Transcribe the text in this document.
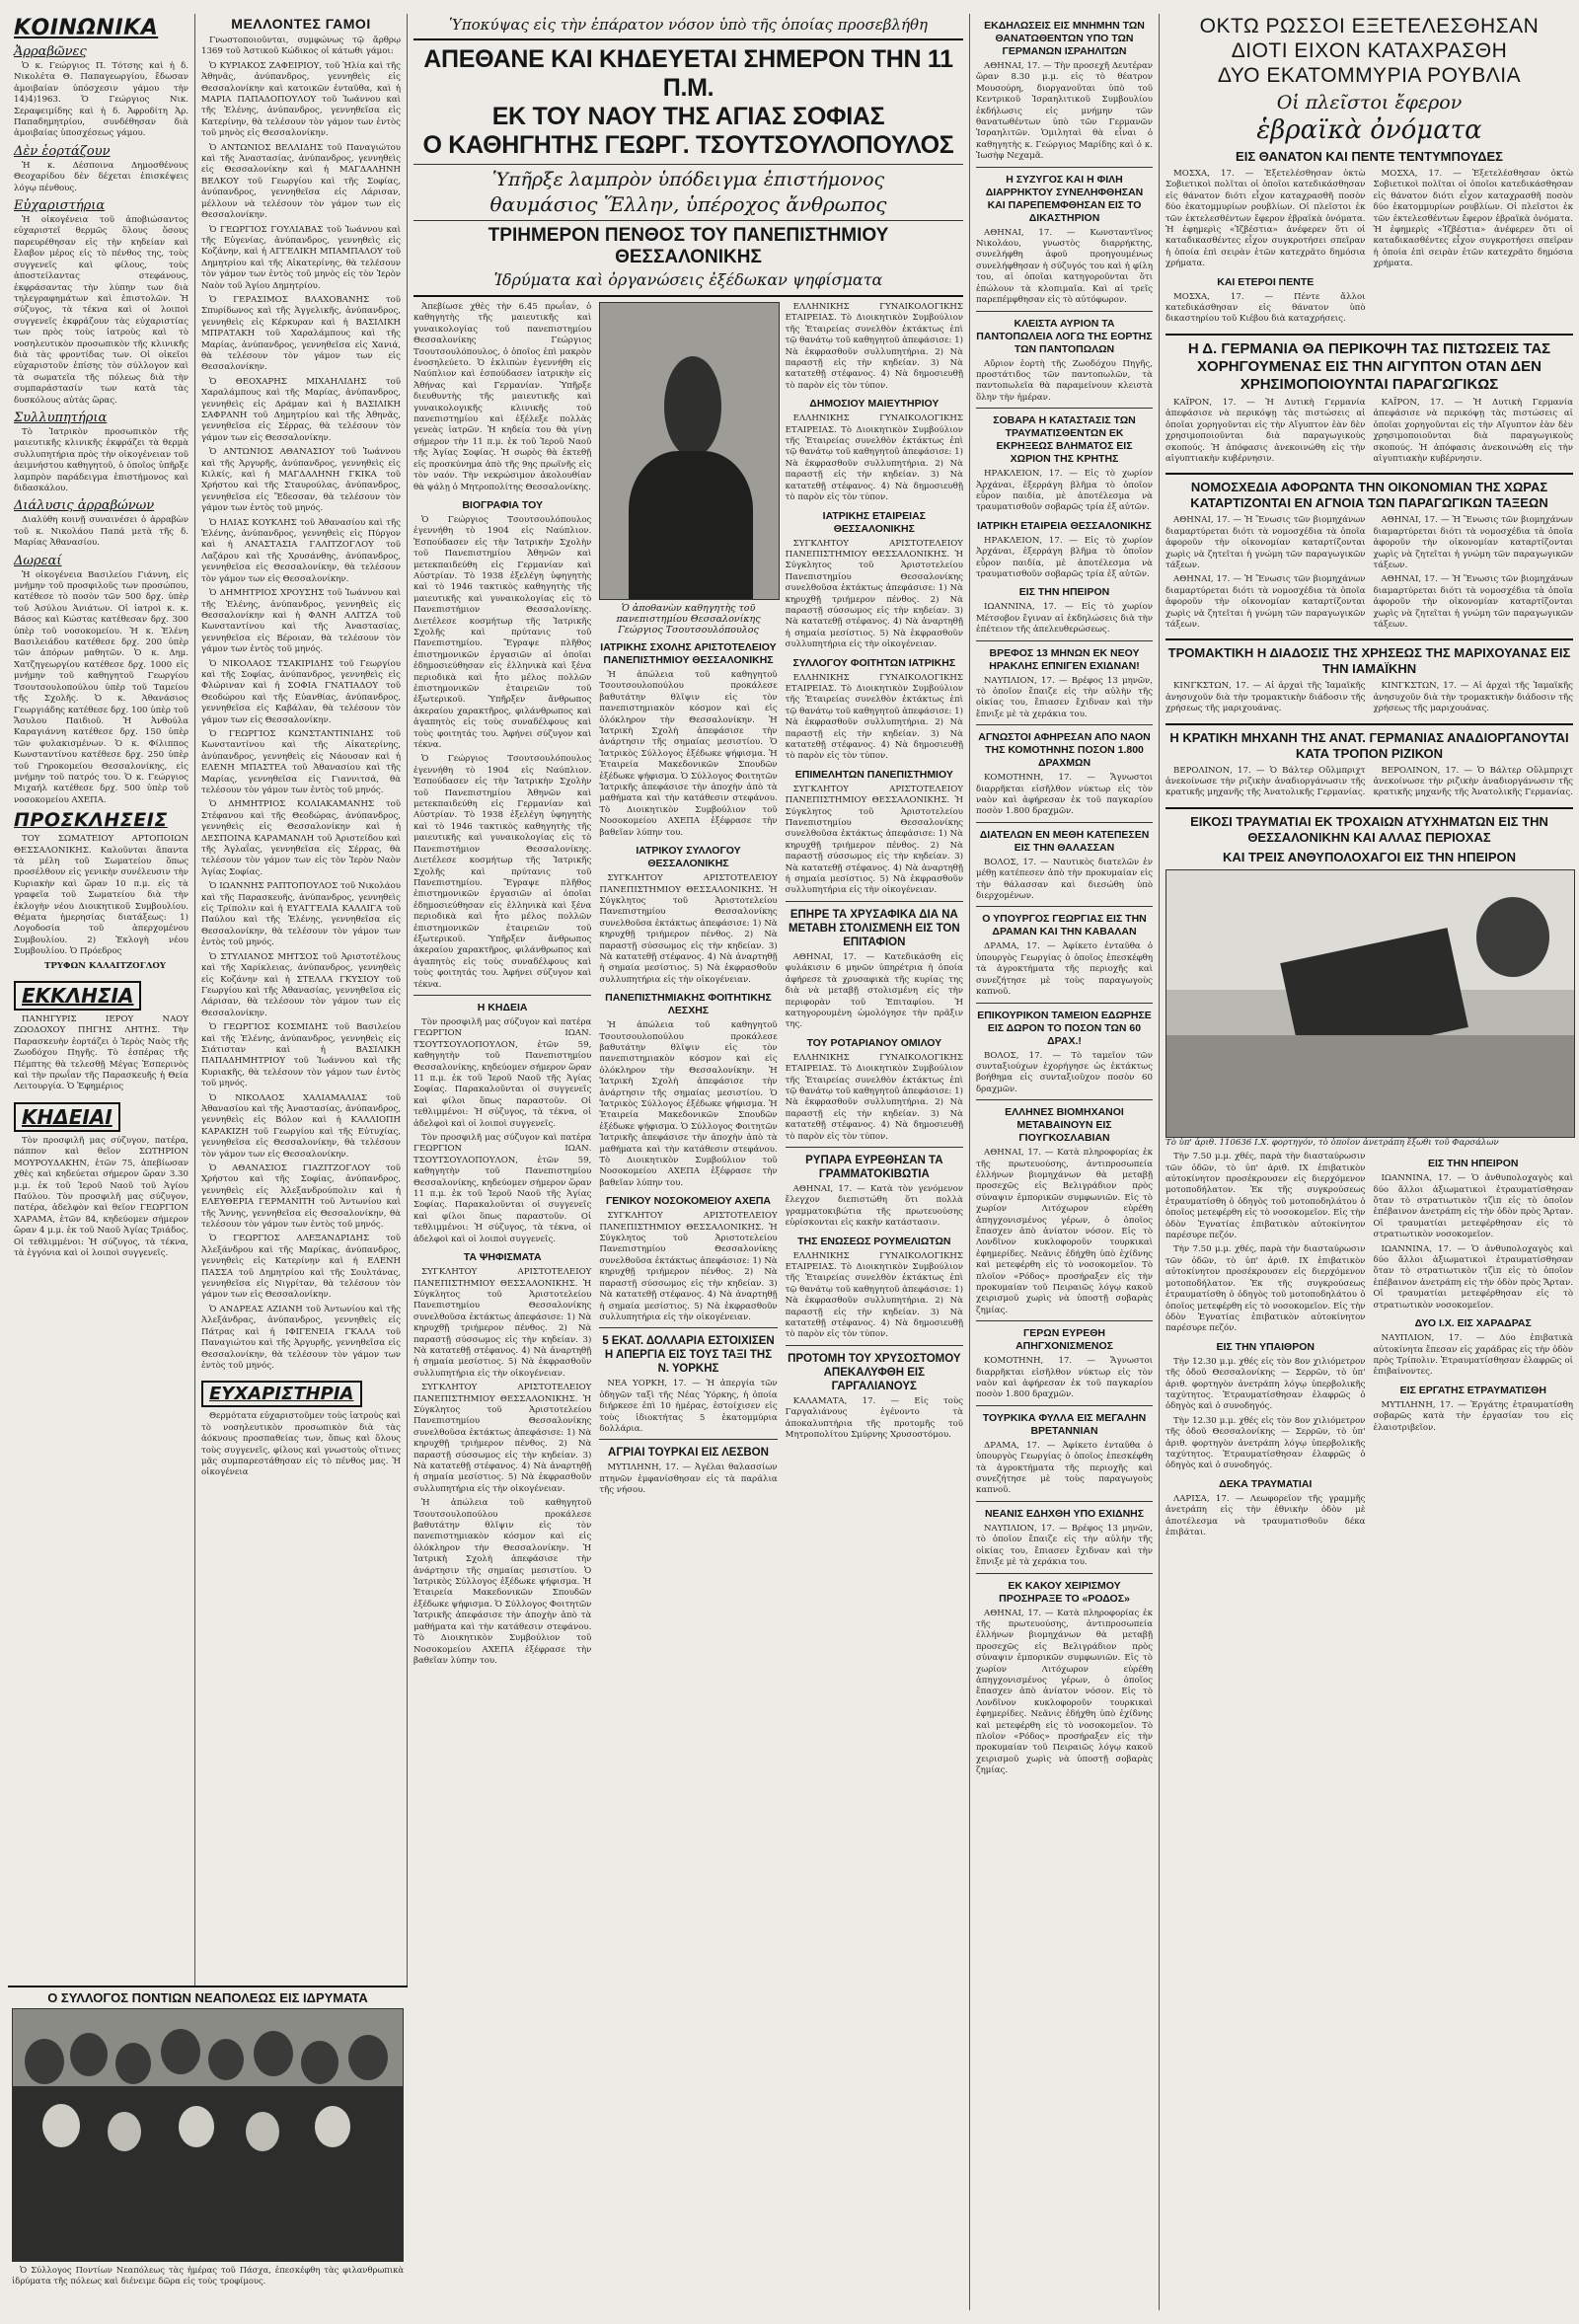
ΚΟΙΝΩΝΙΚΑ
Ἀρραβῶνες

Ὁ κ. Γεώργιος Π. Τότσης καὶ ἡ δ. Νικολέτα Θ. Παπαγεωργίου, ἔδωσαν ἀμοιβαίαν ὑπόσχεσιν γάμου τὴν 14)4)1963. Ὁ Γεώργιος Νικ. Σεραφειμίδης καὶ ἡ δ. Ἀφροδίτη Ἀρ. Παπαδημητρίου, συνδέθησαν διὰ ἀμοιβαίας ὑποσχέσεως γάμου.

Δὲν ἑορτάζουν

Ἡ κ. Δέσποινα Δημοσθένους Θεοχαρίδου δὲν δέχεται ἐπισκέψεις λόγῳ πένθους.

Εὐχαριστήρια

Ἡ οἰκογένεια τοῦ ἀποβιώσαντος εὐχαριστεῖ θερμῶς ὅλους ὅσους παρευρέθησαν εἰς τὴν κηδείαν καὶ ἔλαβον μέρος εἰς τὸ πένθος της, τοὺς συγγενεῖς καὶ φίλους, τοὺς ἀποστείλαντας στεφάνους, ἐκφράσαντας τὴν λύπην των διὰ τηλεγραφημάτων καὶ ἐπιστολῶν. Ἡ σύζυγος, τὰ τέκνα καὶ οἱ λοιποὶ συγγενεῖς ἐκφράζουν τὰς εὐχαριστίας των πρὸς τοὺς ἰατροὺς καὶ τὸ νοσηλευτικὸν προσωπικὸν τῆς κλινικῆς διὰ τὰς φροντίδας των. Οἱ οἰκεῖοι εὐχαριστοῦν ἐπίσης τὸν σύλλογον καὶ τὰ σωματεῖα τῆς πόλεως διὰ τὴν συμπαράστασίν των κατὰ τὰς δυσκόλους αὐτὰς ὥρας.

Συλλυπητήρια

Τὸ Ἰατρικὸν προσωπικὸν τῆς μαιευτικῆς κλινικῆς ἐκφράζει τὰ θερμὰ συλλυπητήρια πρὸς τὴν οἰκογένειαν τοῦ ἀειμνήστου καθηγητοῦ, ὁ ὁποῖος ὑπῆρξε λαμπρὸν παράδειγμα ἐπιστήμονος καὶ διδασκάλου.

Διάλυσις ἀρραβώνων

Διαλύθη κοινῇ συναινέσει ὁ ἀρραβὼν τοῦ κ. Νικολάου Παπά μετὰ τῆς δ. Μαρίας Ἀθανασίου.

Δωρεαί

Ἡ οἰκογένεια Βασιλείου Γιάννη, εἰς μνήμην τοῦ προσφιλοῦς των προσώπου, κατέθεσε τὸ ποσὸν τῶν 500 δρχ. ὑπὲρ τοῦ Ἀσύλου Ἀνιάτων. Οἱ ἰατροὶ κ. κ. Βάσος καὶ Κώστας κατέθεσαν δρχ. 300 ὑπὲρ τοῦ νοσοκομείου. Ἡ κ. Ἑλένη Βασιλειάδου κατέθεσε δρχ. 200 ὑπὲρ τῶν ἀπόρων μαθητῶν. Ὁ κ. Δημ. Χατζηγεωργίου κατέθεσε δρχ. 1000 εἰς μνήμην τοῦ καθηγητοῦ Γεωργίου Τσουτσουλοπούλου ὑπὲρ τοῦ Ταμείου τῆς Σχολῆς. Ὁ κ. Ἀθανάσιος Γεωργιάδης κατέθεσε δρχ. 100 ὑπὲρ τοῦ Ἄσυλου Παιδιοῦ. Ἡ Ἀνθούλα Καραγιάννη κατέθεσε δρχ. 150 ὑπὲρ τῶν φυλακισμένων. Ὁ κ. Φίλιππος Κωνσταντίνου κατέθεσε δρχ. 250 ὑπὲρ τοῦ Γηροκομείου Θεσσαλονίκης, εἰς μνήμην τοῦ πατρός του. Ὁ κ. Γεώργιος Μιχαήλ κατέθεσε δρχ. 500 ὑπὲρ τοῦ νοσοκομείου ΑΧΕΠΑ.

ΠΡΟΣΚΛΗΣΕΙΣ

ΤΟΥ ΣΩΜΑΤΕΙΟΥ ΑΡΤΟΠΟΙΩΝ ΘΕΣΣΑΛΟΝΙΚΗΣ. Καλοῦνται ἅπαντα τὰ μέλη τοῦ Σωματείου ὅπως προσέλθουν εἰς γενικὴν συνέλευσιν τὴν Κυριακὴν καὶ ὥραν 10 π.μ. εἰς τὰ γραφεῖα τοῦ Σωματείου διὰ τὴν ἐκλογὴν νέου Διοικητικοῦ Συμβουλίου. Θέματα ἡμερησίας διατάξεως: 1) Λογοδοσία τοῦ ἀπερχομένου Συμβουλίου. 2) Ἐκλογὴ νέου Συμβουλίου. Ὁ Πρόεδρος

ΤΡΥΦΩΝ ΚΑΛΑΙΤΖΟΓΛΟΥ

ΕΚΚΛΗΣΙΑ

ΠΑΝΗΓΥΡΙΣ ΙΕΡΟΥ ΝΑΟΥ ΖΩΟΔΟΧΟΥ ΠΗΓΗΣ ΛΗΤΗΣ. Τὴν Παρασκευὴν ἑορτάζει ὁ Ἱερὸς Ναὸς τῆς Ζωοδόχου Πηγῆς. Τὸ ἑσπέρας τῆς Πέμπτης θὰ τελεσθῇ Μέγας Ἑσπερινὸς καὶ τὴν πρωΐαν τῆς Παρασκευῆς ἡ Θεία Λειτουργία. Ὁ Ἐφημέριος

ΚΗΔΕΙΑΙ

Τὸν προσφιλῆ μας σύζυγον, πατέρα, πάππον καὶ θεῖον ΣΩΤΗΡΙΟΝ ΜΟΥΡΟΥΔΑΚΗΝ, ἐτῶν 75, ἀπεβίωσαν χθὲς καὶ κηδεύεται σήμερον ὥραν 3.30 μ.μ. ἐκ τοῦ Ἱεροῦ Ναοῦ τοῦ Ἁγίου Παύλου. Τὸν προσφιλῆ μας σύζυγον, πατέρα, ἀδελφὸν καὶ θεῖον ΓΕΩΡΓΙΟΝ ΧΑΡΑΜΑ, ἐτῶν 84, κηδεύομεν σήμερον ὥραν 4 μ.μ. ἐκ τοῦ Ναοῦ Ἁγίας Τριάδος. Οἱ τεθλιμμένοι: Ἡ σύζυγος, τὰ τέκνα, τὰ ἐγγόνια καὶ οἱ λοιποὶ συγγενεῖς.

ΜΕΛΛΟΝΤΕΣ ΓΑΜΟΙ

Γνωστοποιοῦνται, συμφώνως τῷ ἄρθρῳ 1369 τοῦ Ἀστικοῦ Κώδικος οἱ κάτωθι γάμοι:

Ὁ ΚΥΡΙΑΚΟΣ ΖΑΦΕΙΡΙΟΥ, τοῦ Ἠλία καὶ τῆς Ἀθηνᾶς, ἀνύπανδρος, γεννηθεὶς εἰς Θεσσαλονίκην καὶ κατοικῶν ἐνταῦθα, καὶ ἡ ΜΑΡΙΑ ΠΑΠΑΔΟΠΟΥΛΟΥ τοῦ Ἰωάννου καὶ τῆς Ἑλένης, ἀνύπανδρος, γεννηθεῖσα εἰς Κατερίνην, θὰ τελέσουν τὸν γάμον των ἐντὸς τοῦ μηνὸς εἰς Θεσσαλονίκην.

Ὁ ΑΝΤΩΝΙΟΣ ΒΕΛΛΙΔΗΣ τοῦ Παναγιώτου καὶ τῆς Ἀναστασίας, ἀνύπανδρος, γεννηθεὶς εἰς Θεσσαλονίκην καὶ ἡ ΜΑΓΔΑΛΗΝΗ ΒΕΛΚΟΥ τοῦ Γεωργίου καὶ τῆς Σοφίας, ἀνύπανδρος, γεννηθεῖσα εἰς Λάρισαν, μέλλουν νὰ τελέσουν τὸν γάμον των εἰς Θεσσαλονίκην.

Ὁ ΓΕΩΡΓΙΟΣ ΓΟΥΛΙΑΒΑΣ τοῦ Ἰωάννου καὶ τῆς Εὐγενίας, ἀνύπανδρος, γεννηθεὶς εἰς Κοζάνην, καὶ ἡ ΑΓΓΕΛΙΚΗ ΜΠΑΜΠΑΛΟΥ τοῦ Δημητρίου καὶ τῆς Αἰκατερίνης, θὰ τελέσουν τὸν γάμον των ἐντὸς τοῦ μηνὸς εἰς τὸν Ἱερὸν Ναὸν τοῦ Ἁγίου Δημητρίου.

Ὁ ΓΕΡΑΣΙΜΟΣ ΒΛΑΧΟΒΑΝΗΣ τοῦ Σπυρίδωνος καὶ τῆς Ἀγγελικῆς, ἀνύπανδρος, γεννηθεὶς εἰς Κέρκυραν καὶ ἡ ΒΑΣΙΛΙΚΗ ΜΠΡΑΤΑΚΗ τοῦ Χαραλάμπους καὶ τῆς Μαρίας, ἀνύπανδρος, γεννηθεῖσα εἰς Χανιά, θὰ τελέσουν τὸν γάμον των εἰς Θεσσαλονίκην.

Ὁ ΘΕΟΧΑΡΗΣ ΜΙΧΑΗΛΙΔΗΣ τοῦ Χαραλάμπους καὶ τῆς Μαρίας, ἀνύπανδρος, γεννηθεὶς εἰς Δράμαν καὶ ἡ ΒΑΣΙΛΙΚΗ ΣΑΦΡΑΝΗ τοῦ Δημητρίου καὶ τῆς Ἀθηνᾶς, γεννηθεῖσα εἰς Σέρρας, θὰ τελέσουν τὸν γάμον των εἰς Θεσσαλονίκην.

Ὁ ΑΝΤΩΝΙΟΣ ΑΘΑΝΑΣΙΟΥ τοῦ Ἰωάννου καὶ τῆς Ἀργυρῆς, ἀνύπανδρος, γεννηθεὶς εἰς Κιλκίς, καὶ ἡ ΜΑΓΔΑΛΗΝΗ ΓΚΙΚΑ τοῦ Χρήστου καὶ τῆς Σταυρούλας, ἀνύπανδρος, γεννηθεῖσα εἰς Ἔδεσσαν, θὰ τελέσουν τὸν γάμον των ἐντὸς τοῦ μηνός.

Ὁ ΗΛΙΑΣ ΚΟΥΚΛΗΣ τοῦ Ἀθανασίου καὶ τῆς Ἑλένης, ἀνύπανδρος, γεννηθεὶς εἰς Πύργον καὶ ἡ ΑΝΑΣΤΑΣΙΑ ΓΑΛΙΤΖΟΓΛΟΥ τοῦ Λαζάρου καὶ τῆς Χρυσάνθης, ἀνύπανδρος, γεννηθεῖσα εἰς Θεσσαλονίκην, θὰ τελέσουν τὸν γάμον των εἰς Θεσσαλονίκην.

Ὁ ΔΗΜΗΤΡΙΟΣ ΧΡΟΥΣΗΣ τοῦ Ἰωάννου καὶ τῆς Ἑλένης, ἀνύπανδρος, γεννηθεὶς εἰς Θεσσαλονίκην καὶ ἡ ΦΑΝΗ ΑΛΙΤΖΑ τοῦ Κωνσταντίνου καὶ τῆς Ἀναστασίας, γεννηθεῖσα εἰς Βέροιαν, θὰ τελέσουν τὸν γάμον των ἐντὸς τοῦ μηνός.

Ὁ ΝΙΚΟΛΑΟΣ ΤΣΑΚΙΡΙΔΗΣ τοῦ Γεωργίου καὶ τῆς Σοφίας, ἀνύπανδρος, γεννηθεὶς εἰς Φλώριναν καὶ ἡ ΣΟΦΙΑ ΓΝΑΤΙΑΔΟΥ τοῦ Θεοδώρου καὶ τῆς Εὐανθίας, ἀνύπανδρος, γεννηθεῖσα εἰς Καβάλαν, θὰ τελέσουν τὸν γάμον των εἰς Θεσσαλονίκην.

Ὁ ΓΕΩΡΓΙΟΣ ΚΩΝΣΤΑΝΤΙΝΙΔΗΣ τοῦ Κωνσταντίνου καὶ τῆς Αἰκατερίνης, ἀνύπανδρος, γεννηθεὶς εἰς Νάουσαν καὶ ἡ ΕΛΕΝΗ ΜΠΑΣΤΕΑ τοῦ Ἀθανασίου καὶ τῆς Μαρίας, γεννηθεῖσα εἰς Γιαννιτσά, θὰ τελέσουν τὸν γάμον των ἐντὸς τοῦ μηνός.

Ὁ ΔΗΜΗΤΡΙΟΣ ΚΟΛΙΑΚΑΜΑΝΗΣ τοῦ Στέφανου καὶ τῆς Θεοδώρας, ἀνύπανδρος, γεννηθεὶς εἰς Θεσσαλονίκην καὶ ἡ ΔΕΣΠΟΙΝΑ ΚΑΡΑΜΑΝΛΗ τοῦ Ἀριστείδου καὶ τῆς Ἀγλαΐας, γεννηθεῖσα εἰς Σέρρας, θὰ τελέσουν τὸν γάμον των εἰς τὸν Ἱερὸν Ναὸν Ἁγίας Σοφίας.

Ὁ ΙΩΑΝΝΗΣ ΡΑΠΤΟΠΟΥΛΟΣ τοῦ Νικολάου καὶ τῆς Παρασκευῆς, ἀνύπανδρος, γεννηθεὶς εἰς Τρίπολιν καὶ ἡ ΕΥΑΓΓΕΛΙΑ ΚΑΛΛΙΓΑ τοῦ Παύλου καὶ τῆς Ἑλένης, γεννηθεῖσα εἰς Θεσσαλονίκην, θὰ τελέσουν τὸν γάμον των ἐντὸς τοῦ μηνός.

Ὁ ΣΤΥΛΙΑΝΟΣ ΜΗΤΣΟΣ τοῦ Ἀριστοτέλους καὶ τῆς Χαρίκλειας, ἀνύπανδρος, γεννηθεὶς εἰς Κοζάνην καὶ ἡ ΣΤΕΛΛΑ ΓΚΥΣΙΟΥ τοῦ Γεωργίου καὶ τῆς Ἀθανασίας, γεννηθεῖσα εἰς Λάρισαν, θὰ τελέσουν τὸν γάμον των εἰς Θεσσαλονίκην.

Ὁ ΓΕΩΡΓΙΟΣ ΚΟΣΜΙΔΗΣ τοῦ Βασιλείου καὶ τῆς Ἑλένης, ἀνύπανδρος, γεννηθεὶς εἰς Σιάτισταν καὶ ἡ ΒΑΣΙΛΙΚΗ ΠΑΠΑΔΗΜΗΤΡΙΟΥ τοῦ Ἰωάννου καὶ τῆς Κυριακῆς, θὰ τελέσουν τὸν γάμον των ἐντὸς τοῦ μηνός.

Ὁ ΝΙΚΟΛΑΟΣ ΧΑΛΙΑΜΑΛΙΑΣ τοῦ Ἀθανασίου καὶ τῆς Ἀναστασίας, ἀνύπανδρος, γεννηθεὶς εἰς Βόλον καὶ ἡ ΚΑΛΛΙΟΠΗ ΚΑΡΑΚΙΖΗ τοῦ Γεωργίου καὶ τῆς Εὐτυχίας, γεννηθεῖσα εἰς Θεσσαλονίκην, θὰ τελέσουν τὸν γάμον των εἰς Θεσσαλονίκην.

Ὁ ΑΘΑΝΑΣΙΟΣ ΓΙΑΖΙΤΖΟΓΛΟΥ τοῦ Χρήστου καὶ τῆς Σοφίας, ἀνύπανδρος, γεννηθεὶς εἰς Ἀλεξανδρούπολιν καὶ ἡ ΕΛΕΥΘΕΡΙΑ ΓΕΡΜΑΝΙΤΗ τοῦ Ἀντωνίου καὶ τῆς Ἄννης, γεννηθεῖσα εἰς Θεσσαλονίκην, θὰ τελέσουν τὸν γάμον των ἐντὸς τοῦ μηνός.

Ὁ ΓΕΩΡΓΙΟΣ ΑΛΕΞΑΝΔΡΙΔΗΣ τοῦ Ἀλεξάνδρου καὶ τῆς Μαρίκας, ἀνύπανδρος, γεννηθεὶς εἰς Κατερίνην καὶ ἡ ΕΛΕΝΗ ΠΑΣΣΑ τοῦ Δημητρίου καὶ τῆς Σουλτάνας, γεννηθεῖσα εἰς Νιγρίταν, θὰ τελέσουν τὸν γάμον των εἰς Θεσσαλονίκην.

Ὁ ΑΝΔΡΕΑΣ ΑΖΙΑΝΗ τοῦ Ἀντωνίου καὶ τῆς Ἀλεξάνδρας, ἀνύπανδρος, γεννηθεὶς εἰς Πάτρας καὶ ἡ ΙΦΙΓΕΝΕΙΑ ΓΚΑΛΑ τοῦ Παναγιώτου καὶ τῆς Ἀργυρῆς, γεννηθεῖσα εἰς Θεσσαλονίκην, θὰ τελέσουν τὸν γάμον των ἐντὸς τοῦ μηνός.

ΕΥΧΑΡΙΣΤΗΡΙΑ

Θερμότατα εὐχαριστοῦμεν τοὺς ἰατροὺς καὶ τὸ νοσηλευτικὸν προσωπικὸν διὰ τὰς ἀόκνους προσπαθείας των, ὅπως καὶ ὅλους τοὺς συγγενεῖς, φίλους καὶ γνωστοὺς οἵτινες μᾶς συμπαρεστάθησαν εἰς τὸ πένθος μας. Ἡ οἰκογένεια

Ο ΣΥΛΛΟΓΟΣ ΠΟΝΤΙΩΝ ΝΕΑΠΟΛΕΩΣ ΕΙΣ ΙΔΡΥΜΑΤΑ

Ὁ Σύλλογος Ποντίων Νεαπόλεως τὰς ἡμέρας τοῦ Πάσχα, ἐπεσκέφθη τὰς φιλανθρωπικὰ ἱδρύματα τῆς πόλεως καὶ διένειμε δῶρα εἰς τοὺς τροφίμους.

Ὑποκύψας εἰς τὴν ἐπάρατον νόσον ὑπὸ τῆς ὁποίας προσεβλήθη
ΑΠΕΘΑΝΕ ΚΑΙ ΚΗΔΕΥΕΤΑΙ ΣΗΜΕΡΟΝ ΤΗΝ 11 Π.Μ.
ΕΚ ΤΟΥ ΝΑΟΥ ΤΗΣ ΑΓΙΑΣ ΣΟΦΙΑΣ
Ο ΚΑΘΗΓΗΤΗΣ ΓΕΩΡΓ. ΤΣΟΥΤΣΟΥΛΟΠΟΥΛΟΣ
Ὑπῆρξε λαμπρὸν ὑπόδειγμα ἐπιστήμονος
θαυμάσιος Ἕλλην, ὑπέροχος ἄνθρωπος
ΤΡΙΗΜΕΡΟΝ ΠΕΝΘΟΣ ΤΟΥ ΠΑΝΕΠΙΣΤΗΜΙΟΥ ΘΕΣΣΑΛΟΝΙΚΗΣ
Ἱδρύματα καὶ ὀργανώσεις ἐξέδωκαν ψηφίσματα

Ἀπεβίωσε χθὲς τὴν 6.45 πρωΐαν, ὁ καθηγητὴς τῆς μαιευτικῆς καὶ γυναικολογίας τοῦ πανεπιστημίου Θεσσαλονίκης Γεώργιος Τσουτσουλόπουλος, ὁ ὁποῖος ἐπὶ μακρὸν ἐνοσηλεύετο. Ὁ ἐκλιπὼν ἐγεννήθη εἰς Ναύπλιον καὶ ἐσπούδασεν ἰατρικὴν εἰς Ἀθήνας καὶ Γερμανίαν. Ὑπῆρξε διευθυντὴς τῆς μαιευτικῆς καὶ γυναικολογικῆς κλινικῆς τοῦ πανεπιστημίου καὶ ἐξέλεξε πολλὰς γενεὰς ἰατρῶν. Ἡ κηδεία του θὰ γίνῃ σήμερον τὴν 11 π.μ. ἐκ τοῦ Ἱεροῦ Ναοῦ τῆς Ἁγίας Σοφίας. Ἡ σωρὸς θὰ ἐκτεθῇ εἰς προσκύνημα ἀπὸ τῆς 9ης πρωϊνῆς εἰς τὸν ναόν. Τὴν νεκρώσιμον ἀκολουθίαν θὰ ψάλῃ ὁ Μητροπολίτης Θεσσαλονίκης.

ΒΙΟΓΡΑΦΙΑ ΤΟΥ

Ὁ Γεώργιος Τσουτσουλόπουλος ἐγεννήθη τὸ 1904 εἰς Ναύπλιον. Ἐσπούδασεν εἰς τὴν Ἰατρικὴν Σχολὴν τοῦ Πανεπιστημίου Ἀθηνῶν καὶ μετεκπαιδεύθη εἰς Γερμανίαν καὶ Αὐστρίαν. Τὸ 1938 ἐξελέγη ὑφηγητὴς καὶ τὸ 1946 τακτικὸς καθηγητὴς τῆς μαιευτικῆς καὶ γυναικολογίας εἰς τὸ Πανεπιστήμιον Θεσσαλονίκης. Διετέλεσε κοσμήτωρ τῆς Ἰατρικῆς Σχολῆς καὶ πρύτανις τοῦ Πανεπιστημίου. Ἔγραψε πλῆθος ἐπιστημονικῶν ἐργασιῶν αἱ ὁποῖαι ἐδημοσιεύθησαν εἰς ἑλληνικὰ καὶ ξένα περιοδικὰ καὶ ἦτο μέλος πολλῶν ἐπιστημονικῶν ἑταιρειῶν τοῦ ἐξωτερικοῦ. Ὑπῆρξεν ἄνθρωπος ἀκεραίου χαρακτῆρος, φιλάνθρωπος καὶ ἀγαπητὸς εἰς τοὺς συναδέλφους καὶ τοὺς φοιτητάς του. Ἀφήνει σύζυγον καὶ τέκνα.

Ὁ Γεώργιος Τσουτσουλόπουλος ἐγεννήθη τὸ 1904 εἰς Ναύπλιον. Ἐσπούδασεν εἰς τὴν Ἰατρικὴν Σχολὴν τοῦ Πανεπιστημίου Ἀθηνῶν καὶ μετεκπαιδεύθη εἰς Γερμανίαν καὶ Αὐστρίαν. Τὸ 1938 ἐξελέγη ὑφηγητὴς καὶ τὸ 1946 τακτικὸς καθηγητὴς τῆς μαιευτικῆς καὶ γυναικολογίας εἰς τὸ Πανεπιστήμιον Θεσσαλονίκης. Διετέλεσε κοσμήτωρ τῆς Ἰατρικῆς Σχολῆς καὶ πρύτανις τοῦ Πανεπιστημίου. Ἔγραψε πλῆθος ἐπιστημονικῶν ἐργασιῶν αἱ ὁποῖαι ἐδημοσιεύθησαν εἰς ἑλληνικὰ καὶ ξένα περιοδικὰ καὶ ἦτο μέλος πολλῶν ἐπιστημονικῶν ἑταιρειῶν τοῦ ἐξωτερικοῦ. Ὑπῆρξεν ἄνθρωπος ἀκεραίου χαρακτῆρος, φιλάνθρωπος καὶ ἀγαπητὸς εἰς τοὺς συναδέλφους καὶ τοὺς φοιτητάς του. Ἀφήνει σύζυγον καὶ τέκνα.

Η ΚΗΔΕΙΑ

Τὸν προσφιλῆ μας σύζυγον καὶ πατέρα ΓΕΩΡΓΙΟΝ ΙΩΑΝ. ΤΣΟΥΤΣΟΥΛΟΠΟΥΛΟΝ, ἐτῶν 59, καθηγητὴν τοῦ Πανεπιστημίου Θεσσαλονίκης, κηδεύομεν σήμερον ὥραν 11 π.μ. ἐκ τοῦ Ἱεροῦ Ναοῦ τῆς Ἁγίας Σοφίας. Παρακαλοῦνται οἱ συγγενεῖς καὶ φίλοι ὅπως παραστοῦν. Οἱ τεθλιμμένοι: Ἡ σύζυγος, τὰ τέκνα, οἱ ἀδελφοὶ καὶ οἱ λοιποὶ συγγενεῖς.

Τὸν προσφιλῆ μας σύζυγον καὶ πατέρα ΓΕΩΡΓΙΟΝ ΙΩΑΝ. ΤΣΟΥΤΣΟΥΛΟΠΟΥΛΟΝ, ἐτῶν 59, καθηγητὴν τοῦ Πανεπιστημίου Θεσσαλονίκης, κηδεύομεν σήμερον ὥραν 11 π.μ. ἐκ τοῦ Ἱεροῦ Ναοῦ τῆς Ἁγίας Σοφίας. Παρακαλοῦνται οἱ συγγενεῖς καὶ φίλοι ὅπως παραστοῦν. Οἱ τεθλιμμένοι: Ἡ σύζυγος, τὰ τέκνα, οἱ ἀδελφοὶ καὶ οἱ λοιποὶ συγγενεῖς.

ΤΑ ΨΗΦΙΣΜΑΤΑ

ΣΥΓΚΛΗΤΟΥ ΑΡΙΣΤΟΤΕΛΕΙΟΥ ΠΑΝΕΠΙΣΤΗΜΙΟΥ ΘΕΣΣΑΛΟΝΙΚΗΣ. Ἡ Σύγκλητος τοῦ Ἀριστοτελείου Πανεπιστημίου Θεσσαλονίκης συνελθοῦσα ἐκτάκτως ἀπεφάσισε: 1) Νὰ κηρυχθῇ τριήμερον πένθος. 2) Νὰ παραστῇ σύσσωμος εἰς τὴν κηδείαν. 3) Νὰ κατατεθῇ στέφανος. 4) Νὰ ἀναρτηθῇ ἡ σημαία μεσίστιος. 5) Νὰ ἐκφρασθοῦν συλλυπητήρια εἰς τὴν οἰκογένειαν.

ΣΥΓΚΛΗΤΟΥ ΑΡΙΣΤΟΤΕΛΕΙΟΥ ΠΑΝΕΠΙΣΤΗΜΙΟΥ ΘΕΣΣΑΛΟΝΙΚΗΣ. Ἡ Σύγκλητος τοῦ Ἀριστοτελείου Πανεπιστημίου Θεσσαλονίκης συνελθοῦσα ἐκτάκτως ἀπεφάσισε: 1) Νὰ κηρυχθῇ τριήμερον πένθος. 2) Νὰ παραστῇ σύσσωμος εἰς τὴν κηδείαν. 3) Νὰ κατατεθῇ στέφανος. 4) Νὰ ἀναρτηθῇ ἡ σημαία μεσίστιος. 5) Νὰ ἐκφρασθοῦν συλλυπητήρια εἰς τὴν οἰκογένειαν.

Ἡ ἀπώλεια τοῦ καθηγητοῦ Τσουτσουλοπούλου προκάλεσε βαθυτάτην θλῖψιν εἰς τὸν πανεπιστημιακὸν κόσμον καὶ εἰς ὁλόκληρον τὴν Θεσσαλονίκην. Ἡ Ἰατρικὴ Σχολὴ ἀπεφάσισε τὴν ἀνάρτησιν τῆς σημαίας μεσιστίου. Ὁ Ἰατρικὸς Σύλλογος ἐξέδωκε ψήφισμα. Ἡ Ἑταιρεία Μακεδονικῶν Σπουδῶν ἐξέδωκε ψήφισμα. Ὁ Σύλλογος Φοιτητῶν Ἰατρικῆς ἀπεφάσισε τὴν ἀποχὴν ἀπὸ τὰ μαθήματα καὶ τὴν κατάθεσιν στεφάνου. Τὸ Διοικητικὸν Συμβούλιον τοῦ Νοσοκομείου ΑΧΕΠΑ ἐξέφρασε τὴν βαθεῖαν λύπην του.

Ὁ ἀποθανὼν καθηγητὴς τοῦ πανεπιστημίου Θεσσαλονίκης Γεώργιος Τσουτσουλόπουλος
ΙΑΤΡΙΚΗΣ ΣΧΟΛΗΣ ΑΡΙΣΤΟΤΕΛΕΙΟΥ ΠΑΝΕΠΙΣΤΗΜΙΟΥ ΘΕΣΣΑΛΟΝΙΚΗΣ

Ἡ ἀπώλεια τοῦ καθηγητοῦ Τσουτσουλοπούλου προκάλεσε βαθυτάτην θλῖψιν εἰς τὸν πανεπιστημιακὸν κόσμον καὶ εἰς ὁλόκληρον τὴν Θεσσαλονίκην. Ἡ Ἰατρικὴ Σχολὴ ἀπεφάσισε τὴν ἀνάρτησιν τῆς σημαίας μεσιστίου. Ὁ Ἰατρικὸς Σύλλογος ἐξέδωκε ψήφισμα. Ἡ Ἑταιρεία Μακεδονικῶν Σπουδῶν ἐξέδωκε ψήφισμα. Ὁ Σύλλογος Φοιτητῶν Ἰατρικῆς ἀπεφάσισε τὴν ἀποχὴν ἀπὸ τὰ μαθήματα καὶ τὴν κατάθεσιν στεφάνου. Τὸ Διοικητικὸν Συμβούλιον τοῦ Νοσοκομείου ΑΧΕΠΑ ἐξέφρασε τὴν βαθεῖαν λύπην του.

ΙΑΤΡΙΚΟΥ ΣΥΛΛΟΓΟΥ ΘΕΣΣΑΛΟΝΙΚΗΣ

ΣΥΓΚΛΗΤΟΥ ΑΡΙΣΤΟΤΕΛΕΙΟΥ ΠΑΝΕΠΙΣΤΗΜΙΟΥ ΘΕΣΣΑΛΟΝΙΚΗΣ. Ἡ Σύγκλητος τοῦ Ἀριστοτελείου Πανεπιστημίου Θεσσαλονίκης συνελθοῦσα ἐκτάκτως ἀπεφάσισε: 1) Νὰ κηρυχθῇ τριήμερον πένθος. 2) Νὰ παραστῇ σύσσωμος εἰς τὴν κηδείαν. 3) Νὰ κατατεθῇ στέφανος. 4) Νὰ ἀναρτηθῇ ἡ σημαία μεσίστιος. 5) Νὰ ἐκφρασθοῦν συλλυπητήρια εἰς τὴν οἰκογένειαν.

ΠΑΝΕΠΙΣΤΗΜΙΑΚΗΣ ΦΟΙΤΗΤΙΚΗΣ ΛΕΣΧΗΣ

Ἡ ἀπώλεια τοῦ καθηγητοῦ Τσουτσουλοπούλου προκάλεσε βαθυτάτην θλῖψιν εἰς τὸν πανεπιστημιακὸν κόσμον καὶ εἰς ὁλόκληρον τὴν Θεσσαλονίκην. Ἡ Ἰατρικὴ Σχολὴ ἀπεφάσισε τὴν ἀνάρτησιν τῆς σημαίας μεσιστίου. Ὁ Ἰατρικὸς Σύλλογος ἐξέδωκε ψήφισμα. Ἡ Ἑταιρεία Μακεδονικῶν Σπουδῶν ἐξέδωκε ψήφισμα. Ὁ Σύλλογος Φοιτητῶν Ἰατρικῆς ἀπεφάσισε τὴν ἀποχὴν ἀπὸ τὰ μαθήματα καὶ τὴν κατάθεσιν στεφάνου. Τὸ Διοικητικὸν Συμβούλιον τοῦ Νοσοκομείου ΑΧΕΠΑ ἐξέφρασε τὴν βαθεῖαν λύπην του.

ΓΕΝΙΚΟΥ ΝΟΣΟΚΟΜΕΙΟΥ ΑΧΕΠΑ

ΣΥΓΚΛΗΤΟΥ ΑΡΙΣΤΟΤΕΛΕΙΟΥ ΠΑΝΕΠΙΣΤΗΜΙΟΥ ΘΕΣΣΑΛΟΝΙΚΗΣ. Ἡ Σύγκλητος τοῦ Ἀριστοτελείου Πανεπιστημίου Θεσσαλονίκης συνελθοῦσα ἐκτάκτως ἀπεφάσισε: 1) Νὰ κηρυχθῇ τριήμερον πένθος. 2) Νὰ παραστῇ σύσσωμος εἰς τὴν κηδείαν. 3) Νὰ κατατεθῇ στέφανος. 4) Νὰ ἀναρτηθῇ ἡ σημαία μεσίστιος. 5) Νὰ ἐκφρασθοῦν συλλυπητήρια εἰς τὴν οἰκογένειαν.

5 ΕΚΑΤ. ΔΟΛΛΑΡΙΑ ΕΣΤΟΙΧΙΣΕΝ Η ΑΠΕΡΓΙΑ ΕΙΣ ΤΟΥΣ ΤΑΞΙ ΤΗΣ Ν. ΥΟΡΚΗΣ

ΝΕΑ ΥΟΡΚΗ, 17. — Ἡ ἀπεργία τῶν ὁδηγῶν ταξὶ τῆς Νέας Ὑόρκης, ἡ ὁποία διήρκεσε ἐπὶ 10 ἡμέρας, ἐστοίχισεν εἰς τοὺς ἰδιοκτήτας 5 ἑκατομμύρια δολλάρια.

ΑΓΡΙΑΙ ΤΟΥΡΚΑΙ ΕΙΣ ΛΕΣΒΟΝ

ΜΥΤΙΛΗΝΗ, 17. — Ἀγέλαι θαλασσίων πτηνῶν ἐμφανίσθησαν εἰς τὰ παράλια τῆς νήσου.

ΕΛΛΗΝΙΚΗΣ ΓΥΝΑΙΚΟΛΟΓΙΚΗΣ ΕΤΑΙΡΕΙΑΣ. Τὸ Διοικητικὸν Συμβούλιον τῆς Ἑταιρείας συνελθὸν ἐκτάκτως ἐπὶ τῷ θανάτῳ τοῦ καθηγητοῦ ἀπεφάσισε: 1) Νὰ ἐκφρασθοῦν συλλυπητήρια. 2) Νὰ παραστῇ εἰς τὴν κηδείαν. 3) Νὰ κατατεθῇ στέφανος. 4) Νὰ δημοσιευθῇ τὸ παρὸν εἰς τὸν τύπον.

ΔΗΜΟΣΙΟΥ ΜΑΙΕΥΤΗΡΙΟΥ

ΕΛΛΗΝΙΚΗΣ ΓΥΝΑΙΚΟΛΟΓΙΚΗΣ ΕΤΑΙΡΕΙΑΣ. Τὸ Διοικητικὸν Συμβούλιον τῆς Ἑταιρείας συνελθὸν ἐκτάκτως ἐπὶ τῷ θανάτῳ τοῦ καθηγητοῦ ἀπεφάσισε: 1) Νὰ ἐκφρασθοῦν συλλυπητήρια. 2) Νὰ παραστῇ εἰς τὴν κηδείαν. 3) Νὰ κατατεθῇ στέφανος. 4) Νὰ δημοσιευθῇ τὸ παρὸν εἰς τὸν τύπον.

ΙΑΤΡΙΚΗΣ ΕΤΑΙΡΕΙΑΣ ΘΕΣΣΑΛΟΝΙΚΗΣ

ΣΥΓΚΛΗΤΟΥ ΑΡΙΣΤΟΤΕΛΕΙΟΥ ΠΑΝΕΠΙΣΤΗΜΙΟΥ ΘΕΣΣΑΛΟΝΙΚΗΣ. Ἡ Σύγκλητος τοῦ Ἀριστοτελείου Πανεπιστημίου Θεσσαλονίκης συνελθοῦσα ἐκτάκτως ἀπεφάσισε: 1) Νὰ κηρυχθῇ τριήμερον πένθος. 2) Νὰ παραστῇ σύσσωμος εἰς τὴν κηδείαν. 3) Νὰ κατατεθῇ στέφανος. 4) Νὰ ἀναρτηθῇ ἡ σημαία μεσίστιος. 5) Νὰ ἐκφρασθοῦν συλλυπητήρια εἰς τὴν οἰκογένειαν.

ΣΥΛΛΟΓΟΥ ΦΟΙΤΗΤΩΝ ΙΑΤΡΙΚΗΣ

ΕΛΛΗΝΙΚΗΣ ΓΥΝΑΙΚΟΛΟΓΙΚΗΣ ΕΤΑΙΡΕΙΑΣ. Τὸ Διοικητικὸν Συμβούλιον τῆς Ἑταιρείας συνελθὸν ἐκτάκτως ἐπὶ τῷ θανάτῳ τοῦ καθηγητοῦ ἀπεφάσισε: 1) Νὰ ἐκφρασθοῦν συλλυπητήρια. 2) Νὰ παραστῇ εἰς τὴν κηδείαν. 3) Νὰ κατατεθῇ στέφανος. 4) Νὰ δημοσιευθῇ τὸ παρὸν εἰς τὸν τύπον.

ΕΠΙΜΕΛΗΤΩΝ ΠΑΝΕΠΙΣΤΗΜΙΟΥ

ΣΥΓΚΛΗΤΟΥ ΑΡΙΣΤΟΤΕΛΕΙΟΥ ΠΑΝΕΠΙΣΤΗΜΙΟΥ ΘΕΣΣΑΛΟΝΙΚΗΣ. Ἡ Σύγκλητος τοῦ Ἀριστοτελείου Πανεπιστημίου Θεσσαλονίκης συνελθοῦσα ἐκτάκτως ἀπεφάσισε: 1) Νὰ κηρυχθῇ τριήμερον πένθος. 2) Νὰ παραστῇ σύσσωμος εἰς τὴν κηδείαν. 3) Νὰ κατατεθῇ στέφανος. 4) Νὰ ἀναρτηθῇ ἡ σημαία μεσίστιος. 5) Νὰ ἐκφρασθοῦν συλλυπητήρια εἰς τὴν οἰκογένειαν.

ΕΠΗΡΕ ΤΑ ΧΡΥΣΑΦΙΚΑ ΔΙΑ ΝΑ ΜΕΤΑΒΗ ΣΤΟΛΙΣΜΕΝΗ ΕΙΣ ΤΟΝ ΕΠΙΤΑΦΙΟΝ

ΑΘΗΝΑΙ, 17. — Κατεδικάσθη εἰς φυλάκισιν 6 μηνῶν ὑπηρέτρια ἡ ὁποία ἀφήρεσε τὰ χρυσαφικὰ τῆς κυρίας της διὰ νὰ μεταβῇ στολισμένη εἰς τὴν περιφορὰν τοῦ Ἐπιταφίου. Ἡ κατηγορουμένη ὡμολόγησε τὴν πρᾶξιν της.

ΤΟΥ ΡΟΤΑΡΙΑΝΟΥ ΟΜΙΛΟΥ

ΕΛΛΗΝΙΚΗΣ ΓΥΝΑΙΚΟΛΟΓΙΚΗΣ ΕΤΑΙΡΕΙΑΣ. Τὸ Διοικητικὸν Συμβούλιον τῆς Ἑταιρείας συνελθὸν ἐκτάκτως ἐπὶ τῷ θανάτῳ τοῦ καθηγητοῦ ἀπεφάσισε: 1) Νὰ ἐκφρασθοῦν συλλυπητήρια. 2) Νὰ παραστῇ εἰς τὴν κηδείαν. 3) Νὰ κατατεθῇ στέφανος. 4) Νὰ δημοσιευθῇ τὸ παρὸν εἰς τὸν τύπον.

ΡΥΠΑΡΑ ΕΥΡΕΘΗΣΑΝ ΤΑ ΓΡΑΜΜΑΤΟΚΙΒΩΤΙΑ

ΑΘΗΝΑΙ, 17. — Κατὰ τὸν γενόμενον ἔλεγχον διεπιστώθη ὅτι πολλὰ γραμματοκιβώτια τῆς πρωτευούσης εὑρίσκονται εἰς κακὴν κατάστασιν.

ΤΗΣ ΕΝΩΣΕΩΣ ΡΟΥΜΕΛΙΩΤΩΝ

ΕΛΛΗΝΙΚΗΣ ΓΥΝΑΙΚΟΛΟΓΙΚΗΣ ΕΤΑΙΡΕΙΑΣ. Τὸ Διοικητικὸν Συμβούλιον τῆς Ἑταιρείας συνελθὸν ἐκτάκτως ἐπὶ τῷ θανάτῳ τοῦ καθηγητοῦ ἀπεφάσισε: 1) Νὰ ἐκφρασθοῦν συλλυπητήρια. 2) Νὰ παραστῇ εἰς τὴν κηδείαν. 3) Νὰ κατατεθῇ στέφανος. 4) Νὰ δημοσιευθῇ τὸ παρὸν εἰς τὸν τύπον.

ΠΡΟΤΟΜΗ ΤΟΥ ΧΡΥΣΟΣΤΟΜΟΥ ΑΠΕΚΑΛΥΦΘΗ ΕΙΣ ΓΑΡΓΑΛΙΑΝΟΥΣ

ΚΑΛΑΜΑΤΑ, 17. — Εἰς τοὺς Γαργαλιάνους ἐγένοντο τὰ ἀποκαλυπτήρια τῆς προτομῆς τοῦ Μητροπολίτου Σμύρνης Χρυσοστόμου.

ΕΚΔΗΛΩΣΕΙΣ ΕΙΣ ΜΝΗΜΗΝ ΤΩΝ ΘΑΝΑΤΩΘΕΝΤΩΝ ΥΠΟ ΤΩΝ ΓΕΡΜΑΝΩΝ ΙΣΡΑΗΛΙΤΩΝ

ΑΘΗΝΑΙ, 17. — Τὴν προσεχῆ Δευτέραν ὥραν 8.30 μ.μ. εἰς τὸ θέατρον Μουσούρη, διοργανοῦται ὑπὸ τοῦ Κεντρικοῦ Ἰσραηλιτικοῦ Συμβουλίου ἐκδήλωσις εἰς μνήμην τῶν θανατωθέντων ὑπὸ τῶν Γερμανῶν Ἰσραηλιτῶν. Ὁμιληταὶ θὰ εἶναι ὁ καθηγητὴς κ. Γεώργιος Μαρίδης καὶ ὁ κ. Ἰωσὴφ Νεχαμᾶ.

Η ΣΥΖΥΓΟΣ ΚΑΙ Η ΦΙΛΗ ΔΙΑΡΡΗΚΤΟΥ ΣΥΝΕΛΗΦΘΗΣΑΝ ΚΑΙ ΠΑΡΕΠΕΜΦΘΗΣΑΝ ΕΙΣ ΤΟ ΔΙΚΑΣΤΗΡΙΟΝ

ΑΘΗΝΑΙ, 17. — Κωνσταντῖνος Νικολάου, γνωστὸς διαρρήκτης, συνελήφθη ἀφοῦ προηγουμένως συνελήφθησαν ἡ σύζυγός του καὶ ἡ φίλη του, αἱ ὁποῖαι κατηγοροῦνται ὅτι ἐπώλουν τὰ κλοπιμαῖα. Καὶ αἱ τρεῖς παρεπέμφθησαν εἰς τὸ αὐτόφωρον.

ΚΛΕΙΣΤΑ ΑΥΡΙΟΝ ΤΑ ΠΑΝΤΟΠΩΛΕΙΑ ΛΟΓΩ ΤΗΣ ΕΟΡΤΗΣ ΤΩΝ ΠΑΝΤΟΠΩΛΩΝ

Αὔριον ἑορτὴ τῆς Ζωοδόχου Πηγῆς, προστάτιδος τῶν παντοπωλῶν, τὰ παντοπωλεῖα θὰ παραμείνουν κλειστὰ ὅλην τὴν ἡμέραν.

ΣΟΒΑΡΑ Η ΚΑΤΑΣΤΑΣΙΣ ΤΩΝ ΤΡΑΥΜΑΤΙΣΘΕΝΤΩΝ ΕΚ ΕΚΡΗΞΕΩΣ ΒΛΗΜΑΤΟΣ ΕΙΣ ΧΩΡΙΟΝ ΤΗΣ ΚΡΗΤΗΣ

ΗΡΑΚΛΕΙΟΝ, 17. — Εἰς τὸ χωρίον Ἀρχάναι, ἐξερράγη βλῆμα τὸ ὁποῖον εὗρον παιδία, μὲ ἀποτέλεσμα νὰ τραυματισθοῦν σοβαρῶς τρία ἐξ αὐτῶν.

ΙΑΤΡΙΚΗ ΕΤΑΙΡΕΙΑ ΘΕΣΣΑΛΟΝΙΚΗΣ

ΗΡΑΚΛΕΙΟΝ, 17. — Εἰς τὸ χωρίον Ἀρχάναι, ἐξερράγη βλῆμα τὸ ὁποῖον εὗρον παιδία, μὲ ἀποτέλεσμα νὰ τραυματισθοῦν σοβαρῶς τρία ἐξ αὐτῶν.

ΕΙΣ ΤΗΝ ΗΠΕΙΡΟΝ

ΙΩΑΝΝΙΝΑ, 17. — Εἰς τὸ χωρίον Μέτσοβον ἔγιναν αἱ ἐκδηλώσεις διὰ τὴν ἐπέτειον τῆς ἀπελευθερώσεως.

ΒΡΕΦΟΣ 13 ΜΗΝΩΝ ΕΚ ΝΕΟΥ ΗΡΑΚΛΗΣ ΕΠΝΙΓΕΝ ΕΧΙΔΝΑΝ!

ΝΑΥΠΛΙΟΝ, 17. — Βρέφος 13 μηνῶν, τὸ ὁποῖον ἔπαιζε εἰς τὴν αὐλὴν τῆς οἰκίας του, ἔπιασεν ἔχιδναν καὶ τὴν ἔπνιξε μὲ τὰ χεράκια του.

ΑΓΝΩΣΤΟΙ ΑΦΗΡΕΣΑΝ ΑΠΟ ΝΑΟΝ ΤΗΣ ΚΟΜΟΤΗΝΗΣ ΠΟΣΟΝ 1.800 ΔΡΑΧΜΩΝ

ΚΟΜΟΤΗΝΗ, 17. — Ἄγνωστοι διαρρῆκται εἰσῆλθον νύκτωρ εἰς τὸν ναὸν καὶ ἀφήρεσαν ἐκ τοῦ παγκαρίου ποσὸν 1.800 δραχμῶν.

ΔΙΑΤΕΛΩΝ ΕΝ ΜΕΘΗ ΚΑΤΕΠΕΣΕΝ ΕΙΣ ΤΗΝ ΘΑΛΑΣΣΑΝ

ΒΟΛΟΣ, 17. — Ναυτικὸς διατελῶν ἐν μέθῃ κατέπεσεν ἀπὸ τὴν προκυμαίαν εἰς τὴν θάλασσαν καὶ διεσώθη ὑπὸ διερχομένων.

Ο ΥΠΟΥΡΓΟΣ ΓΕΩΡΓΙΑΣ ΕΙΣ ΤΗΝ ΔΡΑΜΑΝ ΚΑΙ ΤΗΝ ΚΑΒΑΛΑΝ

ΔΡΑΜΑ, 17. — Ἀφίκετο ἐνταῦθα ὁ ὑπουργὸς Γεωργίας ὁ ὁποῖος ἐπεσκέφθη τὰ ἀγροκτήματα τῆς περιοχῆς καὶ συνεζήτησε μὲ τοὺς παραγωγοὺς καπνοῦ.

ΕΠΙΚΟΥΡΙΚΟΝ ΤΑΜΕΙΟΝ ΕΔΩΡΗΣΕ ΕΙΣ ΔΩΡΟΝ ΤΟ ΠΟΣΟΝ ΤΩΝ 60 ΔΡΑΧ.!

ΒΟΛΟΣ, 17. — Τὸ ταμεῖον τῶν συνταξιούχων ἐχορήγησε ὡς ἐκτάκτως βοήθημα εἰς συνταξιοῦχον ποσὸν 60 δραχμῶν.

ΕΛΛΗΝΕΣ ΒΙΟΜΗΧΑΝΟΙ ΜΕΤΑΒΑΙΝΟΥΝ ΕΙΣ ΓΙΟΥΓΚΟΣΛΑΒΙΑΝ

ΑΘΗΝΑΙ, 17. — Κατὰ πληροφορίας ἐκ τῆς πρωτευούσης, ἀντιπροσωπεία ἑλλήνων βιομηχάνων θὰ μεταβῇ προσεχῶς εἰς Βελιγράδιον πρὸς σύναψιν ἐμπορικῶν συμφωνιῶν. Εἰς τὸ χωρίον Λιτόχωρον εὑρέθη ἀπηγχονισμένος γέρων, ὁ ὁποῖος ἔπασχεν ἀπὸ ἀνίατον νόσον. Εἰς τὸ Λονδῖνον κυκλοφοροῦν τουρκικαὶ ἐφημερίδες. Νεᾶνις ἐδήχθη ὑπὸ ἐχίδνης καὶ μετεφέρθη εἰς τὸ νοσοκομεῖον. Τὸ πλοῖον «Ρόδος» προσήραξεν εἰς τὴν προκυμαίαν τοῦ Πειραιῶς λόγῳ κακοῦ χειρισμοῦ χωρὶς νὰ ὑποστῇ σοβαρὰς ζημίας.

ΓΕΡΩΝ ΕΥΡΕΘΗ ΑΠΗΓΧΟΝΙΣΜΕΝΟΣ

ΚΟΜΟΤΗΝΗ, 17. — Ἄγνωστοι διαρρῆκται εἰσῆλθον νύκτωρ εἰς τὸν ναὸν καὶ ἀφήρεσαν ἐκ τοῦ παγκαρίου ποσὸν 1.800 δραχμῶν.

ΤΟΥΡΚΙΚΑ ΦΥΛΛΑ ΕΙΣ ΜΕΓΑΛΗΝ ΒΡΕΤΑΝΝΙΑΝ

ΔΡΑΜΑ, 17. — Ἀφίκετο ἐνταῦθα ὁ ὑπουργὸς Γεωργίας ὁ ὁποῖος ἐπεσκέφθη τὰ ἀγροκτήματα τῆς περιοχῆς καὶ συνεζήτησε μὲ τοὺς παραγωγοὺς καπνοῦ.

ΝΕΑΝΙΣ ΕΔΗΧΘΗ ΥΠΟ ΕΧΙΔΝΗΣ

ΝΑΥΠΛΙΟΝ, 17. — Βρέφος 13 μηνῶν, τὸ ὁποῖον ἔπαιζε εἰς τὴν αὐλὴν τῆς οἰκίας του, ἔπιασεν ἔχιδναν καὶ τὴν ἔπνιξε μὲ τὰ χεράκια του.

ΕΚ ΚΑΚΟΥ ΧΕΙΡΙΣΜΟΥ ΠΡΟΣΗΡΑΞΕ ΤΟ «ΡΟΔΟΣ»

ΑΘΗΝΑΙ, 17. — Κατὰ πληροφορίας ἐκ τῆς πρωτευούσης, ἀντιπροσωπεία ἑλλήνων βιομηχάνων θὰ μεταβῇ προσεχῶς εἰς Βελιγράδιον πρὸς σύναψιν ἐμπορικῶν συμφωνιῶν. Εἰς τὸ χωρίον Λιτόχωρον εὑρέθη ἀπηγχονισμένος γέρων, ὁ ὁποῖος ἔπασχεν ἀπὸ ἀνίατον νόσον. Εἰς τὸ Λονδῖνον κυκλοφοροῦν τουρκικαὶ ἐφημερίδες. Νεᾶνις ἐδήχθη ὑπὸ ἐχίδνης καὶ μετεφέρθη εἰς τὸ νοσοκομεῖον. Τὸ πλοῖον «Ρόδος» προσήραξεν εἰς τὴν προκυμαίαν τοῦ Πειραιῶς λόγῳ κακοῦ χειρισμοῦ χωρὶς νὰ ὑποστῇ σοβαρὰς ζημίας.

ΟΚΤΩ ΡΩΣΣΟΙ ΕΞΕΤΕΛΕΣΘΗΣΑΝ
ΔΙΟΤΙ ΕΙΧΟΝ ΚΑΤΑΧΡΑΣΘΗ
ΔΥΟ ΕΚΑΤΟΜΜΥΡΙΑ ΡΟΥΒΛΙΑ
Οἱ πλεῖστοι ἔφερον
ἑβραϊκὰ ὀνόματα
ΕΙΣ ΘΑΝΑΤΟΝ ΚΑΙ ΠΕΝΤΕ ΤΕΝΤΥΜΠΟΥΔΕΣ

ΜΟΣΧΑ, 17. — Ἐξετελέσθησαν ὀκτὼ Σοβιετικοὶ πολῖται οἱ ὁποῖοι κατεδικάσθησαν εἰς θάνατον διότι εἶχον καταχρασθῆ ποσὸν δύο ἑκατομμυρίων ρουβλίων. Οἱ πλεῖστοι ἐκ τῶν ἐκτελεσθέντων ἔφερον ἑβραϊκὰ ὀνόματα. Ἡ ἐφημερὶς «Ἰζβέστια» ἀνέφερεν ὅτι οἱ καταδικασθέντες εἶχον συγκροτήσει σπεῖραν ἡ ὁποία ἐπὶ σειρὰν ἐτῶν κατεχρᾶτο δημόσια χρήματα.

ΚΑΙ ΕΤΕΡΟΙ ΠΕΝΤΕ

ΜΟΣΧΑ, 17. — Πέντε ἄλλοι κατεδικάσθησαν εἰς θάνατον ὑπὸ δικαστηρίου τοῦ Κιέβου διὰ καταχρήσεις.

ΜΟΣΧΑ, 17. — Ἐξετελέσθησαν ὀκτὼ Σοβιετικοὶ πολῖται οἱ ὁποῖοι κατεδικάσθησαν εἰς θάνατον διότι εἶχον καταχρασθῆ ποσὸν δύο ἑκατομμυρίων ρουβλίων. Οἱ πλεῖστοι ἐκ τῶν ἐκτελεσθέντων ἔφερον ἑβραϊκὰ ὀνόματα. Ἡ ἐφημερὶς «Ἰζβέστια» ἀνέφερεν ὅτι οἱ καταδικασθέντες εἶχον συγκροτήσει σπεῖραν ἡ ὁποία ἐπὶ σειρὰν ἐτῶν κατεχρᾶτο δημόσια χρήματα.

Η Δ. ΓΕΡΜΑΝΙΑ ΘΑ ΠΕΡΙΚΟΨΗ ΤΑΣ ΠΙΣΤΩΣΕΙΣ ΤΑΣ ΧΟΡΗΓΟΥΜΕΝΑΣ ΕΙΣ ΤΗΝ ΑΙΓΥΠΤΟΝ ΟΤΑΝ ΔΕΝ ΧΡΗΣΙΜΟΠΟΙΟΥΝΤΑΙ ΠΑΡΑΓΩΓΙΚΩΣ

ΚΑΪΡΟΝ, 17. — Ἡ Δυτικὴ Γερμανία ἀπεφάσισε νὰ περικόψῃ τὰς πιστώσεις αἱ ὁποῖαι χορηγοῦνται εἰς τὴν Αἴγυπτον ἐὰν δὲν χρησιμοποιοῦνται διὰ παραγωγικοὺς σκοπούς. Ἡ ἀπόφασις ἀνεκοινώθη εἰς τὴν αἰγυπτιακὴν κυβέρνησιν.

ΚΑΪΡΟΝ, 17. — Ἡ Δυτικὴ Γερμανία ἀπεφάσισε νὰ περικόψῃ τὰς πιστώσεις αἱ ὁποῖαι χορηγοῦνται εἰς τὴν Αἴγυπτον ἐὰν δὲν χρησιμοποιοῦνται διὰ παραγωγικοὺς σκοπούς. Ἡ ἀπόφασις ἀνεκοινώθη εἰς τὴν αἰγυπτιακὴν κυβέρνησιν.

ΝΟΜΟΣΧΕΔΙΑ ΑΦΟΡΩΝΤΑ ΤΗΝ ΟΙΚΟΝΟΜΙΑΝ ΤΗΣ ΧΩΡΑΣ ΚΑΤΑΡΤΙΖΟΝΤΑΙ ΕΝ ΑΓΝΟΙΑ ΤΩΝ ΠΑΡΑΓΩΓΙΚΩΝ ΤΑΞΕΩΝ

ΑΘΗΝΑΙ, 17. — Ἡ Ἕνωσις τῶν βιομηχάνων διαμαρτύρεται διότι τὰ νομοσχέδια τὰ ὁποῖα ἀφοροῦν τὴν οἰκονομίαν καταρτίζονται χωρὶς νὰ ζητεῖται ἡ γνώμη τῶν παραγωγικῶν τάξεων.

ΑΘΗΝΑΙ, 17. — Ἡ Ἕνωσις τῶν βιομηχάνων διαμαρτύρεται διότι τὰ νομοσχέδια τὰ ὁποῖα ἀφοροῦν τὴν οἰκονομίαν καταρτίζονται χωρὶς νὰ ζητεῖται ἡ γνώμη τῶν παραγωγικῶν τάξεων.

ΑΘΗΝΑΙ, 17. — Ἡ Ἕνωσις τῶν βιομηχάνων διαμαρτύρεται διότι τὰ νομοσχέδια τὰ ὁποῖα ἀφοροῦν τὴν οἰκονομίαν καταρτίζονται χωρὶς νὰ ζητεῖται ἡ γνώμη τῶν παραγωγικῶν τάξεων.

ΑΘΗΝΑΙ, 17. — Ἡ Ἕνωσις τῶν βιομηχάνων διαμαρτύρεται διότι τὰ νομοσχέδια τὰ ὁποῖα ἀφοροῦν τὴν οἰκονομίαν καταρτίζονται χωρὶς νὰ ζητεῖται ἡ γνώμη τῶν παραγωγικῶν τάξεων.

ΤΡΟΜΑΚΤΙΚΗ Η ΔΙΑΔΟΣΙΣ ΤΗΣ ΧΡΗΣΕΩΣ ΤΗΣ ΜΑΡΙΧΟΥΑΝΑΣ ΕΙΣ ΤΗΝ ΙΑΜΑΪΚΗΝ

ΚΙΝΓΚΣΤΩΝ, 17. — Αἱ ἀρχαὶ τῆς Ἰαμαϊκῆς ἀνησυχοῦν διὰ τὴν τρομακτικὴν διάδοσιν τῆς χρήσεως τῆς μαριχουάνας.

ΚΙΝΓΚΣΤΩΝ, 17. — Αἱ ἀρχαὶ τῆς Ἰαμαϊκῆς ἀνησυχοῦν διὰ τὴν τρομακτικὴν διάδοσιν τῆς χρήσεως τῆς μαριχουάνας.

Η ΚΡΑΤΙΚΗ ΜΗΧΑΝΗ ΤΗΣ ΑΝΑΤ. ΓΕΡΜΑΝΙΑΣ ΑΝΑΔΙΟΡΓΑΝΟΥΤΑΙ ΚΑΤΑ ΤΡΟΠΟΝ ΡΙΖΙΚΟΝ

ΒΕΡΟΛΙΝΟΝ, 17. — Ὁ Βάλτερ Οὔλμπριχτ ἀνεκοίνωσε τὴν ριζικὴν ἀναδιοργάνωσιν τῆς κρατικῆς μηχανῆς τῆς Ἀνατολικῆς Γερμανίας.

ΒΕΡΟΛΙΝΟΝ, 17. — Ὁ Βάλτερ Οὔλμπριχτ ἀνεκοίνωσε τὴν ριζικὴν ἀναδιοργάνωσιν τῆς κρατικῆς μηχανῆς τῆς Ἀνατολικῆς Γερμανίας.

ΕΙΚΟΣΙ ΤΡΑΥΜΑΤΙΑΙ ΕΚ ΤΡΟΧΑΙΩΝ ΑΤΥΧΗΜΑΤΩΝ ΕΙΣ ΤΗΝ ΘΕΣΣΑΛΟΝΙΚΗΝ ΚΑΙ ΑΛΛΑΣ ΠΕΡΙΟΧΑΣ
ΚΑΙ ΤΡΕΙΣ ΑΝΘΥΠΟΛΟΧΑΓΟΙ ΕΙΣ ΤΗΝ ΗΠΕΙΡΟΝ

Τὸ ὑπ' ἀριθ. 110636 Ι.Χ. φορτηγόν, τὸ ὁποῖον ἀνετράπη ἔξωθι τοῦ Φαρσάλων

Τὴν 7.50 μ.μ. χθές, παρὰ τὴν διασταύρωσιν τῶν ὁδῶν, τὸ ὑπ' ἀριθ. ΙΧ ἐπιβατικὸν αὐτοκίνητον προσέκρουσεν εἰς διερχόμενον μοτοποδήλατον. Ἐκ τῆς συγκρούσεως ἐτραυματίσθη ὁ ὁδηγὸς τοῦ μοτοποδηλάτου ὁ ὁποῖος μετεφέρθη εἰς τὸ νοσοκομεῖον. Εἰς τὴν ὁδὸν Ἐγνατίας ἐπιβατικὸν αὐτοκίνητον παρέσυρε πεζόν.

Τὴν 7.50 μ.μ. χθές, παρὰ τὴν διασταύρωσιν τῶν ὁδῶν, τὸ ὑπ' ἀριθ. ΙΧ ἐπιβατικὸν αὐτοκίνητον προσέκρουσεν εἰς διερχόμενον μοτοποδήλατον. Ἐκ τῆς συγκρούσεως ἐτραυματίσθη ὁ ὁδηγὸς τοῦ μοτοποδηλάτου ὁ ὁποῖος μετεφέρθη εἰς τὸ νοσοκομεῖον. Εἰς τὴν ὁδὸν Ἐγνατίας ἐπιβατικὸν αὐτοκίνητον παρέσυρε πεζόν.

ΕΙΣ ΤΗΝ ΥΠΑΙΘΡΟΝ

Τὴν 12.30 μ.μ. χθές εἰς τὸν 8ον χιλιόμετρον τῆς ὁδοῦ Θεσσαλονίκης — Σερρῶν, τὸ ὑπ' ἀριθ. φορτηγὸν ἀνετράπη λόγῳ ὑπερβολικῆς ταχύτητος. Ἐτραυματίσθησαν ἐλαφρῶς ὁ ὁδηγὸς καὶ ὁ συνοδηγός.

Τὴν 12.30 μ.μ. χθές εἰς τὸν 8ον χιλιόμετρον τῆς ὁδοῦ Θεσσαλονίκης — Σερρῶν, τὸ ὑπ' ἀριθ. φορτηγὸν ἀνετράπη λόγῳ ὑπερβολικῆς ταχύτητος. Ἐτραυματίσθησαν ἐλαφρῶς ὁ ὁδηγὸς καὶ ὁ συνοδηγός.

ΔΕΚΑ ΤΡΑΥΜΑΤΙΑΙ

ΛΑΡΙΣΑ, 17. — Λεωφορεῖον τῆς γραμμῆς ἀνετράπη εἰς τὴν ἐθνικὴν ὁδὸν μὲ ἀποτέλεσμα νὰ τραυματισθοῦν δέκα ἐπιβάται.

ΕΙΣ ΤΗΝ ΗΠΕΙΡΟΝ

ΙΩΑΝΝΙΝΑ, 17. — Ὁ ἀνθυπολοχαγὸς καὶ δύο ἄλλοι ἀξιωματικοὶ ἐτραυματίσθησαν ὅταν τὸ στρατιωτικὸν τζὶπ εἰς τὸ ὁποῖον ἐπέβαινον ἀνετράπη εἰς τὴν ὁδὸν πρὸς Ἄρταν. Οἱ τραυματίαι μετεφέρθησαν εἰς τὸ στρατιωτικὸν νοσοκομεῖον.

ΙΩΑΝΝΙΝΑ, 17. — Ὁ ἀνθυπολοχαγὸς καὶ δύο ἄλλοι ἀξιωματικοὶ ἐτραυματίσθησαν ὅταν τὸ στρατιωτικὸν τζὶπ εἰς τὸ ὁποῖον ἐπέβαινον ἀνετράπη εἰς τὴν ὁδὸν πρὸς Ἄρταν. Οἱ τραυματίαι μετεφέρθησαν εἰς τὸ στρατιωτικὸν νοσοκομεῖον.

ΔΥΟ Ι.Χ. ΕΙΣ ΧΑΡΑΔΡΑΣ

ΝΑΥΠΛΙΟΝ, 17. — Δύο ἐπιβατικὰ αὐτοκίνητα ἔπεσαν εἰς χαράδρας εἰς τὴν ὁδὸν πρὸς Τρίπολιν. Ἐτραυματίσθησαν ἐλαφρῶς οἱ ἐπιβαίνοντες.

ΕΙΣ ΕΡΓΑΤΗΣ ΕΤΡΑΥΜΑΤΙΣΘΗ

ΜΥΤΙΛΗΝΗ, 17. — Ἐργάτης ἐτραυματίσθη σοβαρῶς κατὰ τὴν ἐργασίαν του εἰς ἐλαιοτριβεῖον.
